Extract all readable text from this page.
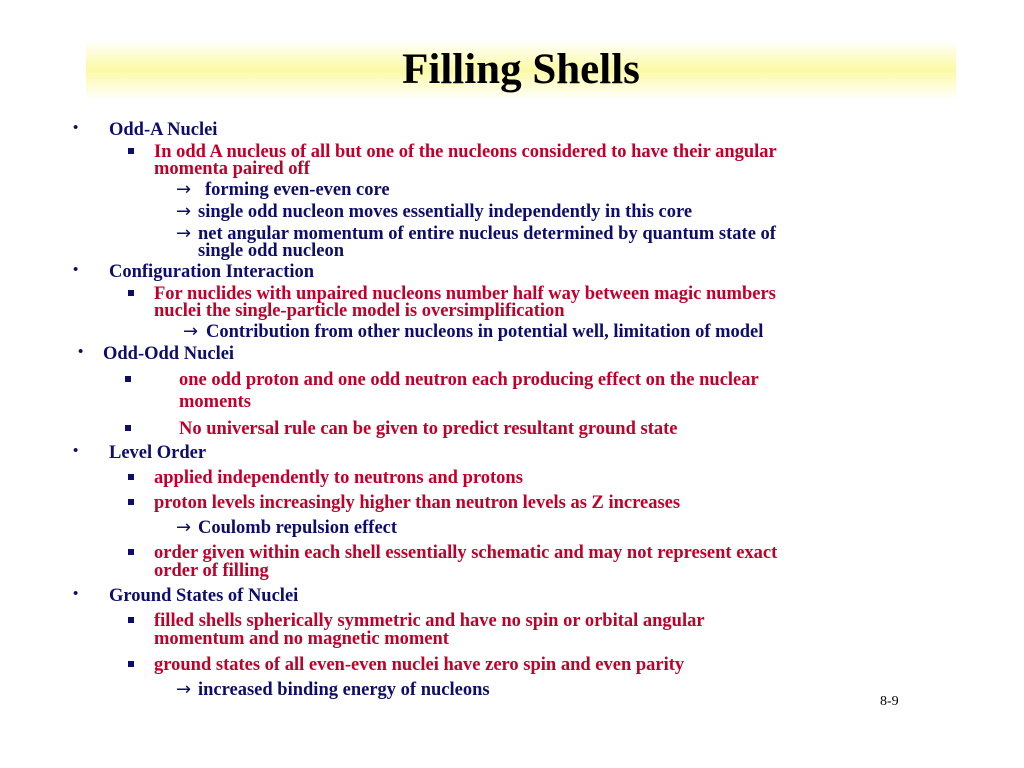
Filling Shells
• Odd-A Nuclei
In odd A nucleus of all but one of the nucleons considered to have their angular
momenta paired off
→ forming even-even core
→ single odd nucleon moves essentially independently in this core
→ net angular momentum of entire nucleus determined by quantum state of
single odd nucleon
• Configuration Interaction
For nuclides with unpaired nucleons number half way between magic numbers
nuclei the single-particle model is oversimplification
→ Contribution from other nucleons in potential well, limitation of model
• Odd-Odd Nuclei
one odd proton and one odd neutron each producing effect on the nuclear
moments
No universal rule can be given to predict resultant ground state
• Level Order
applied independently to neutrons and protons
proton levels increasingly higher than neutron levels as Z increases
→ Coulomb repulsion effect
order given within each shell essentially schematic and may not represent exact
order of filling
• Ground States of Nuclei
filled shells spherically symmetric and have no spin or orbital angular
momentum and no magnetic moment
ground states of all even-even nuclei have zero spin and even parity
→ increased binding energy of nucleons
8-9
